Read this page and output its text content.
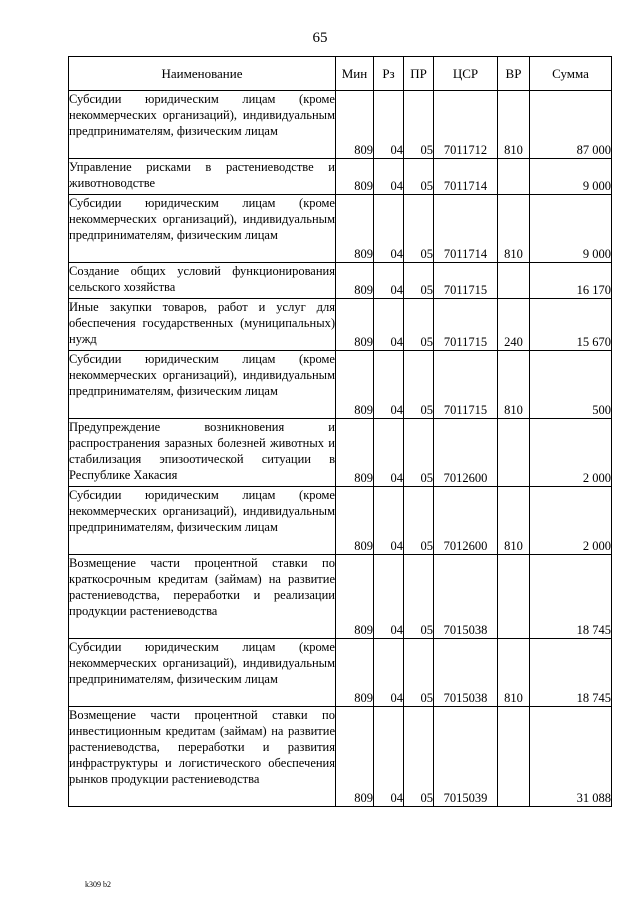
65
Наименование	Мин	Рз	ПР	ЦСР	ВР	Сумма
Субсидии юридическим лицам (кроме некоммерческих организаций), индивидуальным предпринимателям, физическим лицам	809	04	05	7011712	810	87 000
Управление рисками в растениеводстве и животноводстве	809	04	05	7011714		9 000
Субсидии юридическим лицам (кроме некоммерческих организаций), индивидуальным предпринимателям, физическим лицам	809	04	05	7011714	810	9 000
Создание общих условий функционирования сельского хозяйства	809	04	05	7011715		16 170
Иные закупки товаров, работ и услуг для обеспечения государственных (муниципальных) нужд	809	04	05	7011715	240	15 670
Субсидии юридическим лицам (кроме некоммерческих организаций), индивидуальным предпринимателям, физическим лицам	809	04	05	7011715	810	500
Предупреждение возникновения и распространения заразных болезней животных и стабилизация эпизоотической ситуации в Республике Хакасия	809	04	05	7012600		2 000
Субсидии юридическим лицам (кроме некоммерческих организаций), индивидуальным предпринимателям, физическим лицам	809	04	05	7012600	810	2 000
Возмещение части процентной ставки по краткосрочным кредитам (займам) на развитие растениеводства, переработки и реализации продукции растениеводства	809	04	05	7015038		18 745
Субсидии юридическим лицам (кроме некоммерческих организаций), индивидуальным предпринимателям, физическим лицам	809	04	05	7015038	810	18 745
Возмещение части процентной ставки по инвестиционным кредитам (займам) на развитие растениеводства, переработки и развития инфраструктуры и логистического обеспечения рынков продукции растениеводства	809	04	05	7015039		31 088
k309 b2
